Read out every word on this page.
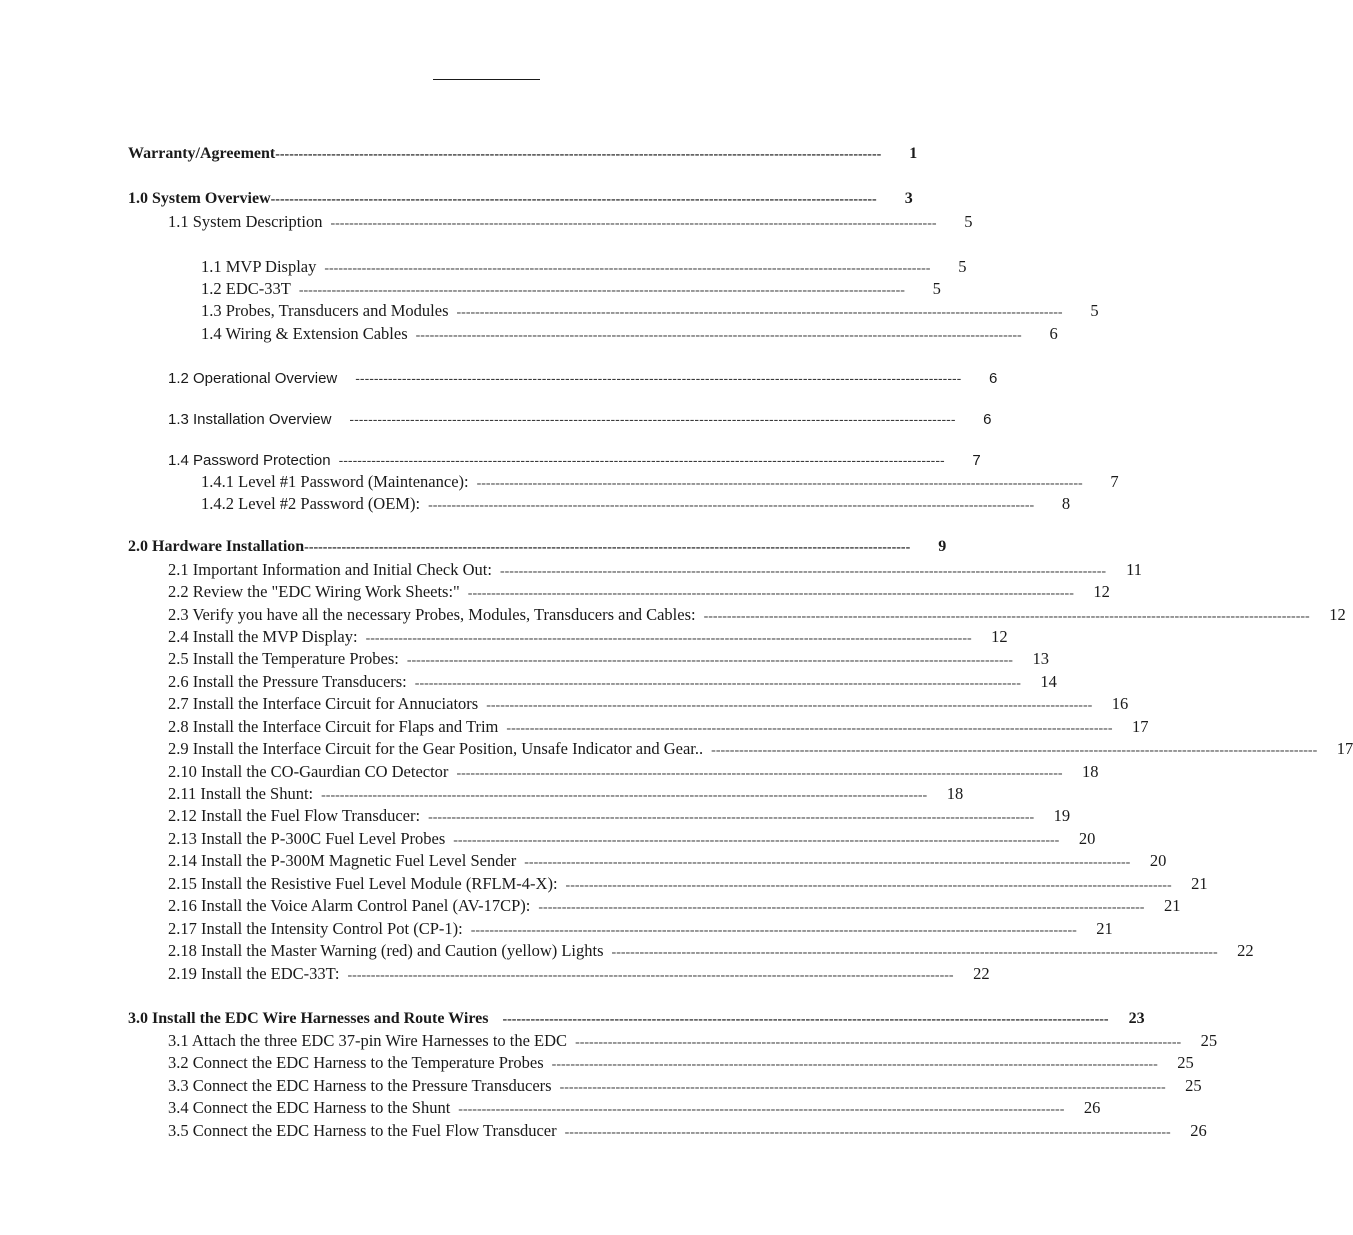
Warranty/Agreement ----------------------------------------------------------------------------------------------------------------------------------	1
1.0 System Overview ----------------------------------------------------------------------------------------------------------------------------------	3
1.1 System Description ----------------------------------------------------------------------------------------------------------------------------------	5
1.1 MVP Display ----------------------------------------------------------------------------------------------------------------------------------	5
1.2 EDC-33T ----------------------------------------------------------------------------------------------------------------------------------	5
1.3 Probes, Transducers and Modules ----------------------------------------------------------------------------------------------------------------------------------	5
1.4 Wiring & Extension Cables ----------------------------------------------------------------------------------------------------------------------------------	6
1.2 Operational Overview ----------------------------------------------------------------------------------------------------------------------------------	6
1.3 Installation Overview ----------------------------------------------------------------------------------------------------------------------------------	6
1.4 Password Protection ----------------------------------------------------------------------------------------------------------------------------------	7
1.4.1 Level #1 Password (Maintenance): ----------------------------------------------------------------------------------------------------------------------------------	7
1.4.2 Level #2 Password (OEM): ----------------------------------------------------------------------------------------------------------------------------------	8
2.0 Hardware Installation ----------------------------------------------------------------------------------------------------------------------------------	9
2.1 Important Information and Initial Check Out: ----------------------------------------------------------------------------------------------------------------------------------	11
2.2 Review the "EDC Wiring Work Sheets:" ----------------------------------------------------------------------------------------------------------------------------------	12
2.3 Verify you have all the necessary Probes, Modules, Transducers and Cables: ----------------------------------------------------------------------------------------------------------------------------------	12
2.4 Install the MVP Display: ----------------------------------------------------------------------------------------------------------------------------------	12
2.5 Install the Temperature Probes: ----------------------------------------------------------------------------------------------------------------------------------	13
2.6 Install the Pressure Transducers: ----------------------------------------------------------------------------------------------------------------------------------	14
2.7 Install the Interface Circuit for Annuciators ----------------------------------------------------------------------------------------------------------------------------------	16
2.8 Install the Interface Circuit for Flaps and Trim ----------------------------------------------------------------------------------------------------------------------------------	17
2.9 Install the Interface Circuit for the Gear Position, Unsafe Indicator and Gear.. ----------------------------------------------------------------------------------------------------------------------------------	17
2.10 Install the CO-Gaurdian CO Detector ----------------------------------------------------------------------------------------------------------------------------------	18
2.11 Install the Shunt: ----------------------------------------------------------------------------------------------------------------------------------	18
2.12 Install the Fuel Flow Transducer: ----------------------------------------------------------------------------------------------------------------------------------	19
2.13 Install the P-300C Fuel Level Probes ----------------------------------------------------------------------------------------------------------------------------------	20
2.14 Install the P-300M Magnetic Fuel Level Sender ----------------------------------------------------------------------------------------------------------------------------------	20
2.15 Install the Resistive Fuel Level Module (RFLM-4-X): ----------------------------------------------------------------------------------------------------------------------------------	21
2.16 Install the Voice Alarm Control Panel (AV-17CP): ----------------------------------------------------------------------------------------------------------------------------------	21
2.17 Install the Intensity Control Pot (CP-1): ----------------------------------------------------------------------------------------------------------------------------------	21
2.18 Install the Master Warning (red) and Caution (yellow) Lights ----------------------------------------------------------------------------------------------------------------------------------	22
2.19 Install the EDC-33T: ----------------------------------------------------------------------------------------------------------------------------------	22
3.0 Install the EDC Wire Harnesses and Route Wires ----------------------------------------------------------------------------------------------------------------------------------	23
3.1 Attach the three EDC 37-pin Wire Harnesses to the EDC ----------------------------------------------------------------------------------------------------------------------------------	25
3.2 Connect the EDC Harness to the Temperature Probes ----------------------------------------------------------------------------------------------------------------------------------	25
3.3 Connect the EDC Harness to the Pressure Transducers ----------------------------------------------------------------------------------------------------------------------------------	25
3.4 Connect the EDC Harness to the Shunt ----------------------------------------------------------------------------------------------------------------------------------	26
3.5 Connect the EDC Harness to the Fuel Flow Transducer ----------------------------------------------------------------------------------------------------------------------------------	26
